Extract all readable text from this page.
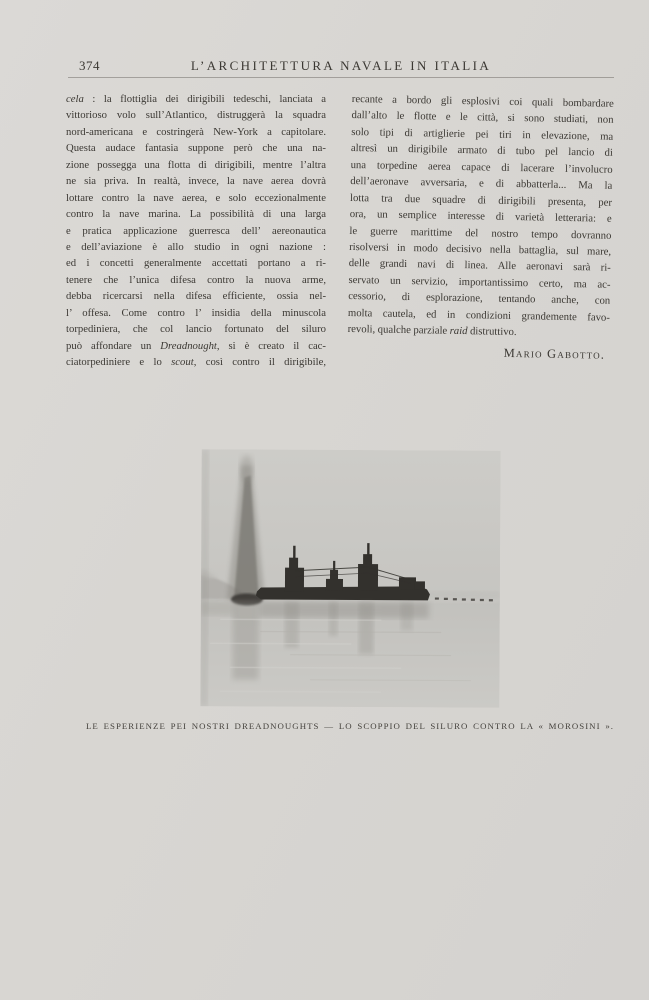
374	L’ARCHITETTURA NAVALE IN ITALIA
cela : la flottiglia dei dirigibili tedeschi, lanciata a
vittorioso volo sull’Atlantico, distruggerà la squadra
nord-americana e costringerà New-York a capitolare.
Questa audace fantasia suppone però che una na-
zione possegga una flotta di dirigibili, mentre l’altra
ne sia priva. In realtà, invece, la nave aerea dovrà
lottare contro la nave aerea, e solo eccezionalmente
contro la nave marina. La possibilità di una larga
e pratica applicazione guerresca dell’ aereonautica
e dell’aviazione è allo studio in ogni nazione :
ed i concetti generalmente accettati portano a ri-
tenere che l’unica difesa contro la nuova arme,
debba ricercarsi nella difesa efficiente, ossia nel-
l’ offesa. Come contro l’ insidia della minuscola
torpediniera, che col lancio fortunato del siluro
può affondare un Dreadnought, si è creato il cac-
ciatorpediniere e lo scout, così contro il dirigibile,
recante a bordo gli esplosivi coi quali bombardare
dall’alto le flotte e le città, si sono studiati, non
solo tipi di artiglierie pei tiri in elevazione, ma
altresì un dirigibile armato di tubo pel lancio di
una torpedine aerea capace di lacerare l’involucro
dell’aeronave avversaria, e di abbatterla... Ma la
lotta tra due squadre di dirigibili presenta, per
ora, un semplice interesse di varietà letteraria: e
le guerre marittime del nostro tempo dovranno
risolversi in modo decisivo nella battaglia, sul mare,
delle grandi navi di linea. Alle aeronavi sarà ri-
servato un servizio, importantissimo certo, ma ac-
cessorio, di esplorazione, tentando anche, con
molta cautela, ed in condizioni grandemente favo-
revoli, qualche parziale raid distruttivo.
Mario Gabotto.
LE ESPERIENZE PEI NOSTRI DREADNOUGHTS — LO SCOPPIO DEL SILURO CONTRO LA « MOROSINI ».
